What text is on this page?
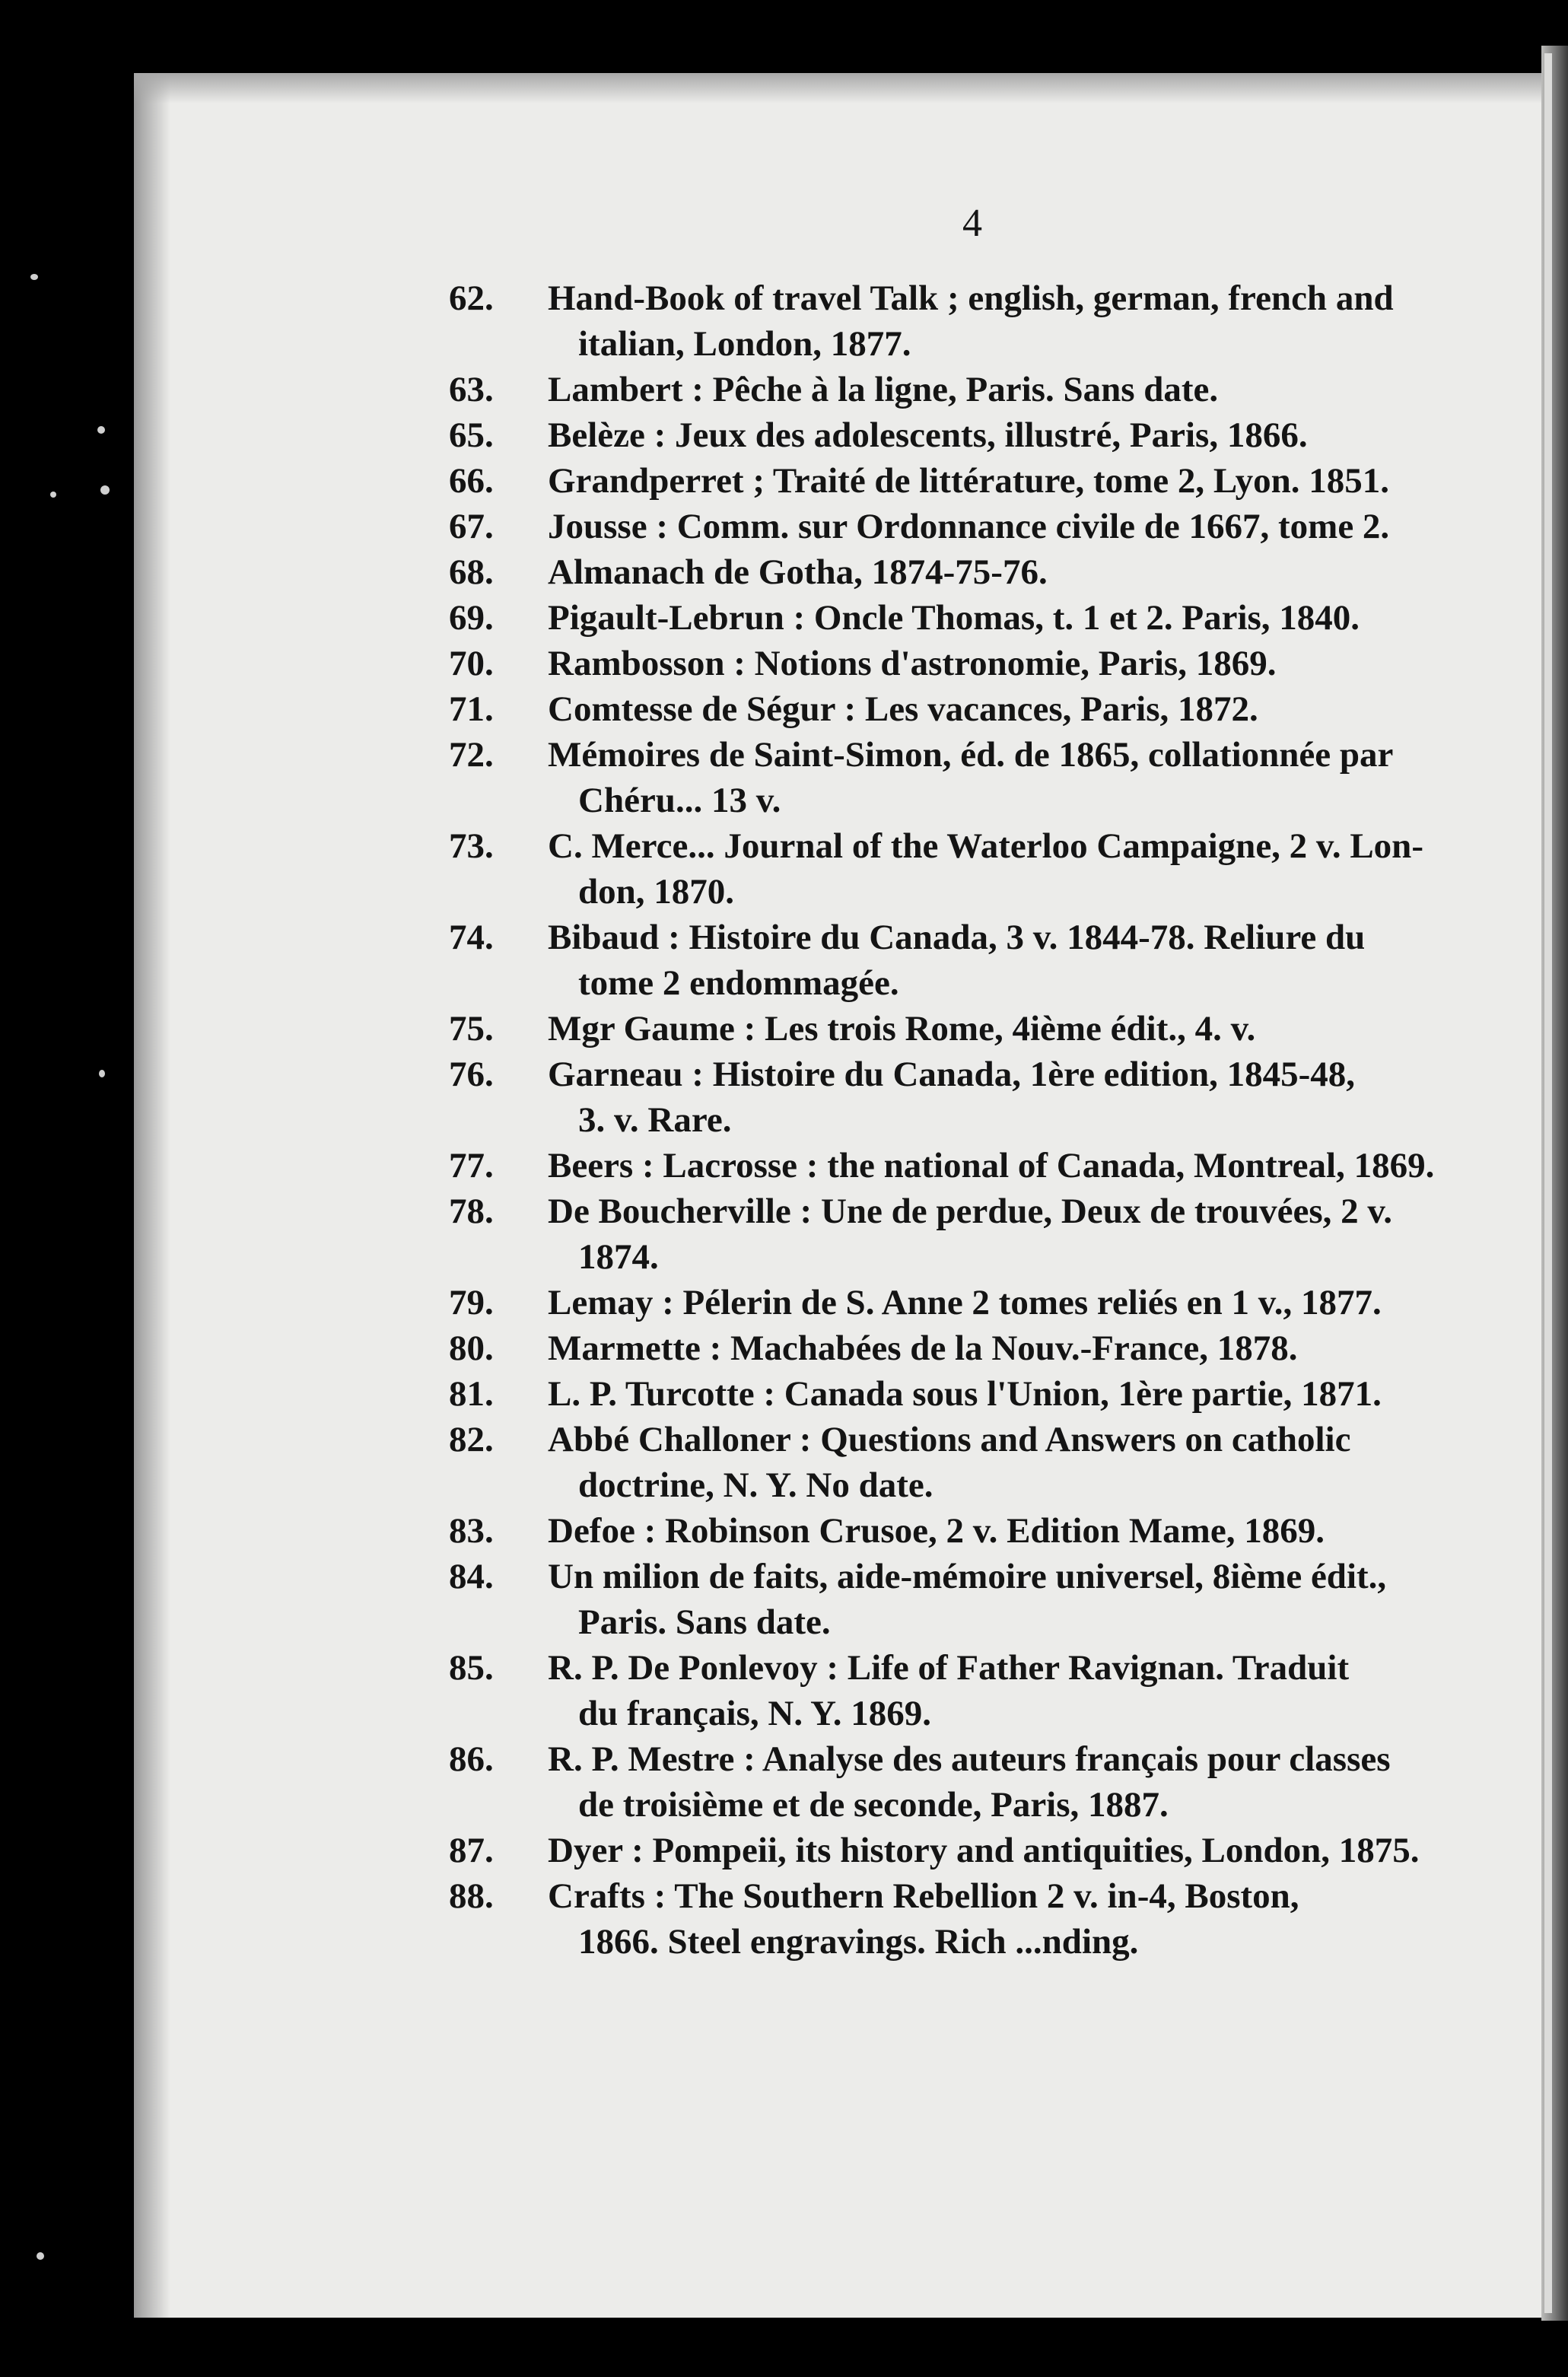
4
62. Hand-Book of travel Talk ; english, german, french and
italian, London, 1877.
63. Lambert : Pêche à la ligne, Paris. Sans date.
65. Belèze : Jeux des adolescents, illustré, Paris, 1866.
66. Grandperret ; Traité de littérature, tome 2, Lyon. 1851.
67. Jousse : Comm. sur Ordonnance civile de 1667, tome 2.
68. Almanach de Gotha, 1874-75-76.
69. Pigault-Lebrun : Oncle Thomas, t. 1 et 2. Paris, 1840.
70. Rambosson : Notions d'astronomie, Paris, 1869.
71. Comtesse de Ségur : Les vacances, Paris, 1872.
72. Mémoires de Saint-Simon, éd. de 1865, collationnée par
Chéru... 13 v.
73. C. Merce... Journal of the Waterloo Campaigne, 2 v. Lon-
don, 1870.
74. Bibaud : Histoire du Canada, 3 v. 1844-78. Reliure du
tome 2 endommagée.
75. Mgr Gaume : Les trois Rome, 4ième édit., 4. v.
76. Garneau : Histoire du Canada, 1ère edition, 1845-48,
3. v. Rare.
77. Beers : Lacrosse : the national of Canada, Montreal, 1869.
78. De Boucherville : Une de perdue, Deux de trouvées, 2 v.
1874.
79. Lemay : Pélerin de S. Anne 2 tomes reliés en 1 v., 1877.
80. Marmette : Machabées de la Nouv.-France, 1878.
81. L. P. Turcotte : Canada sous l'Union, 1ère partie, 1871.
82. Abbé Challoner : Questions and Answers on catholic
doctrine, N. Y. No date.
83. Defoe : Robinson Crusoe, 2 v. Edition Mame, 1869.
84. Un milion de faits, aide-mémoire universel, 8ième édit.,
Paris. Sans date.
85. R. P. De Ponlevoy : Life of Father Ravignan. Traduit
du français, N. Y. 1869.
86. R. P. Mestre : Analyse des auteurs français pour classes
de troisième et de seconde, Paris, 1887.
87. Dyer : Pompeii, its history and antiquities, London, 1875.
88. Crafts : The Southern Rebellion 2 v. in-4, Boston,
1866. Steel engravings. Rich ...nding.
